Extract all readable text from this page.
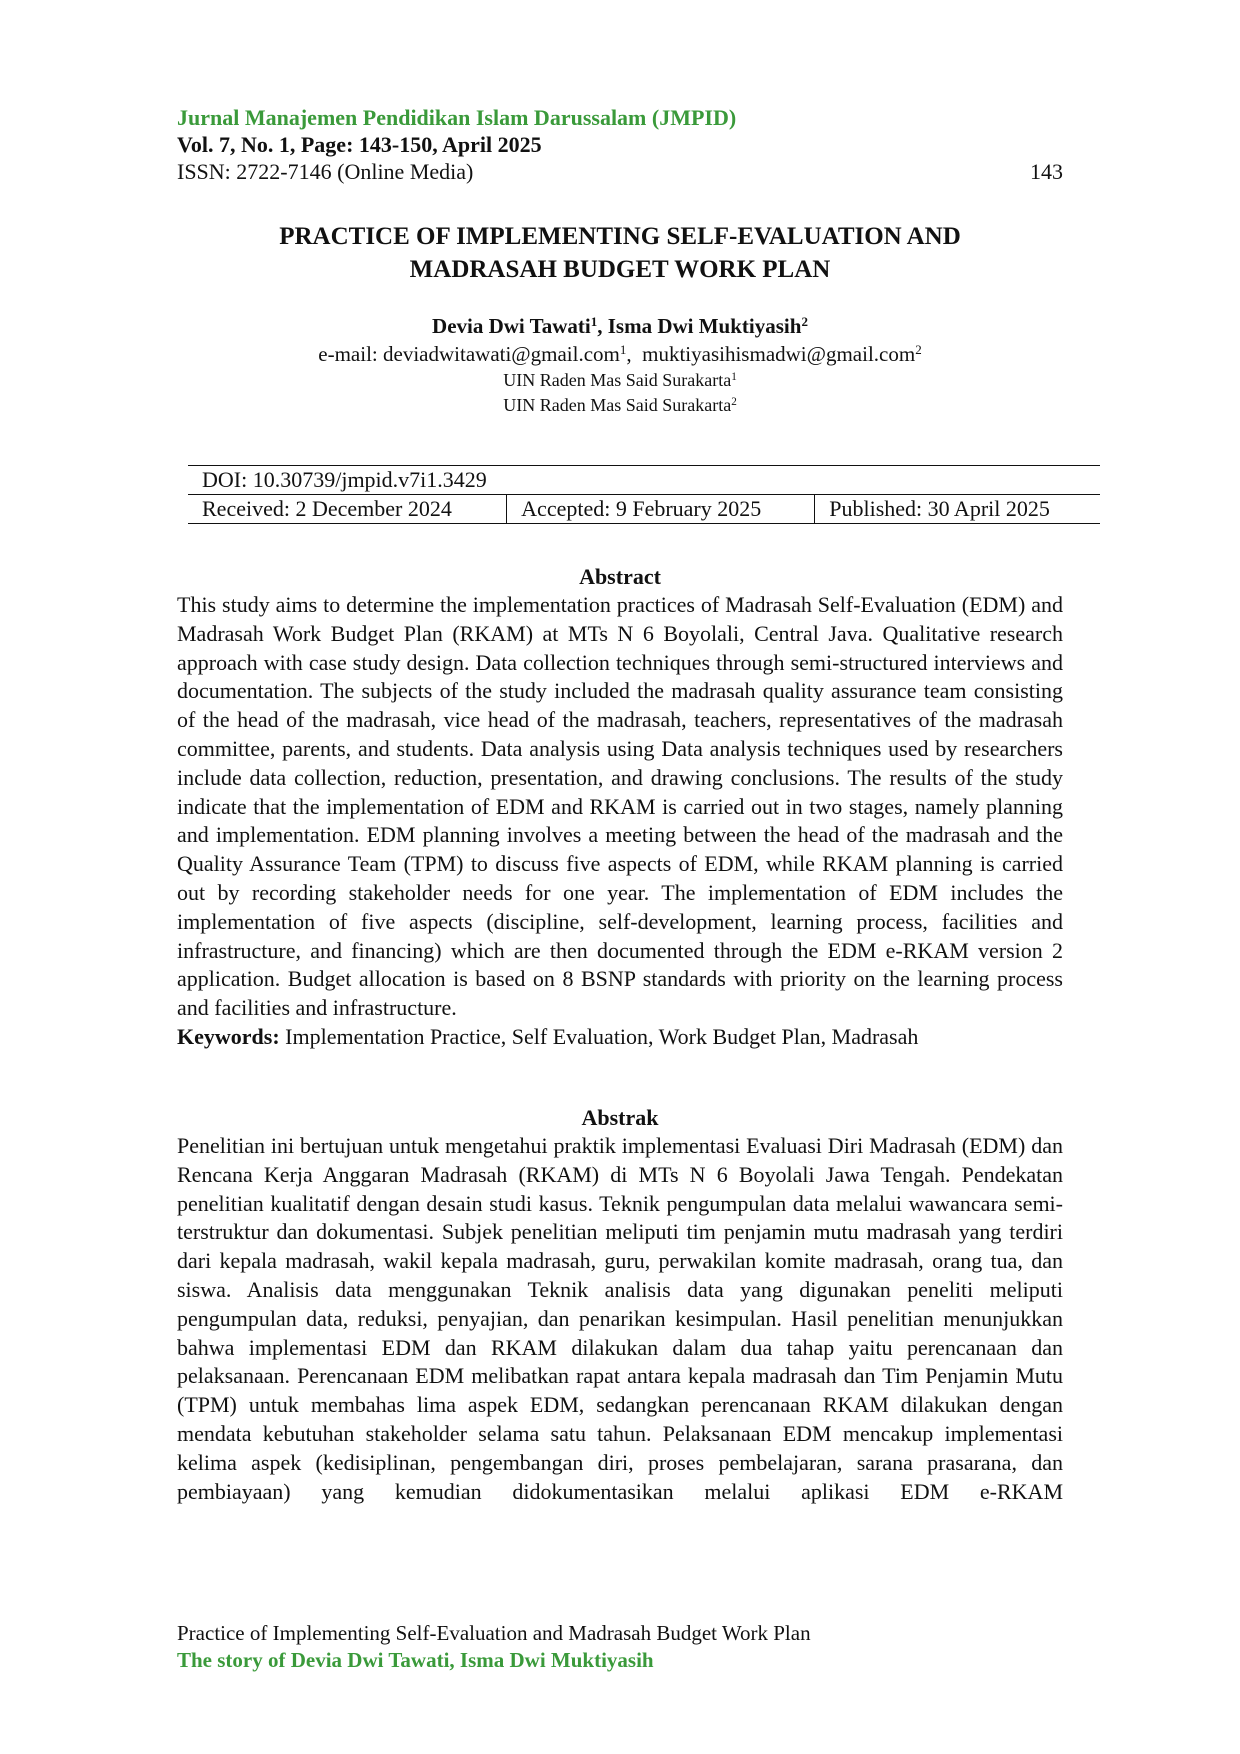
Jurnal Manajemen Pendidikan Islam Darussalam (JMPID)
Vol. 7, No. 1, Page: 143-150, April 2025
ISSN: 2722-7146 (Online Media)	143
PRACTICE OF IMPLEMENTING SELF-EVALUATION AND
MADRASAH BUDGET WORK PLAN
Devia Dwi Tawati$^1$, Isma Dwi Muktiyasih$^2$
e-mail: deviadwitawati@gmail.com$^1$,  muktiyasihismadwi@gmail.com$^2$
UIN Raden Mas Said Surakarta$^1$
UIN Raden Mas Said Surakarta$^2$
DOI: 10.30739/jmpid.v7i1.3429
Received: 2 December 2024	Accepted: 9 February 2025	Published: 30 April 2025
Abstract

This study aims to determine the implementation practices of Madrasah Self-Evaluation (EDM) and Madrasah Work Budget Plan (RKAM) at MTs N 6 Boyolali, Central Java. Qualitative research approach with case study design. Data collection techniques through semi-structured interviews and documentation. The subjects of the study included the madrasah quality assurance team consisting of the head of the madrasah, vice head of the madrasah, teachers, representatives of the madrasah committee, parents, and students. Data analysis using Data analysis techniques used by researchers include data collection, reduction, presentation, and drawing conclusions. The results of the study indicate that the implementation of EDM and RKAM is carried out in two stages, namely planning and implementation. EDM planning involves a meeting between the head of the madrasah and the Quality Assurance Team (TPM) to discuss five aspects of EDM, while RKAM planning is carried out by recording stakeholder needs for one year. The implementation of EDM includes the implementation of five aspects (discipline, self-development, learning process, facilities and infrastructure, and financing) which are then documented through the EDM e-RKAM version 2 application. Budget allocation is based on 8 BSNP standards with priority on the learning process and facilities and infrastructure.

Keywords: Implementation Practice, Self Evaluation, Work Budget Plan, Madrasah

Abstrak

Penelitian ini bertujuan untuk mengetahui praktik implementasi Evaluasi Diri Madrasah (EDM) dan Rencana Kerja Anggaran Madrasah (RKAM) di MTs N 6 Boyolali Jawa Tengah. Pendekatan penelitian kualitatif dengan desain studi kasus. Teknik pengumpulan data melalui wawancara semi-terstruktur dan dokumentasi. Subjek penelitian meliputi tim penjamin mutu madrasah yang terdiri dari kepala madrasah, wakil kepala madrasah, guru, perwakilan komite madrasah, orang tua, dan siswa. Analisis data menggunakan Teknik analisis data yang digunakan peneliti meliputi pengumpulan data, reduksi, penyajian, dan penarikan kesimpulan. Hasil penelitian menunjukkan bahwa implementasi EDM dan RKAM dilakukan dalam dua tahap yaitu perencanaan dan pelaksanaan. Perencanaan EDM melibatkan rapat antara kepala madrasah dan Tim Penjamin Mutu (TPM) untuk membahas lima aspek EDM, sedangkan perencanaan RKAM dilakukan dengan mendata kebutuhan stakeholder selama satu tahun. Pelaksanaan EDM mencakup implementasi kelima aspek (kedisiplinan, pengembangan diri, proses pembelajaran, sarana prasarana, dan pembiayaan) yang kemudian didokumentasikan melalui aplikasi EDM e-RKAM

Practice of Implementing Self-Evaluation and Madrasah Budget Work Plan
The story of Devia Dwi Tawati, Isma Dwi Muktiyasih
